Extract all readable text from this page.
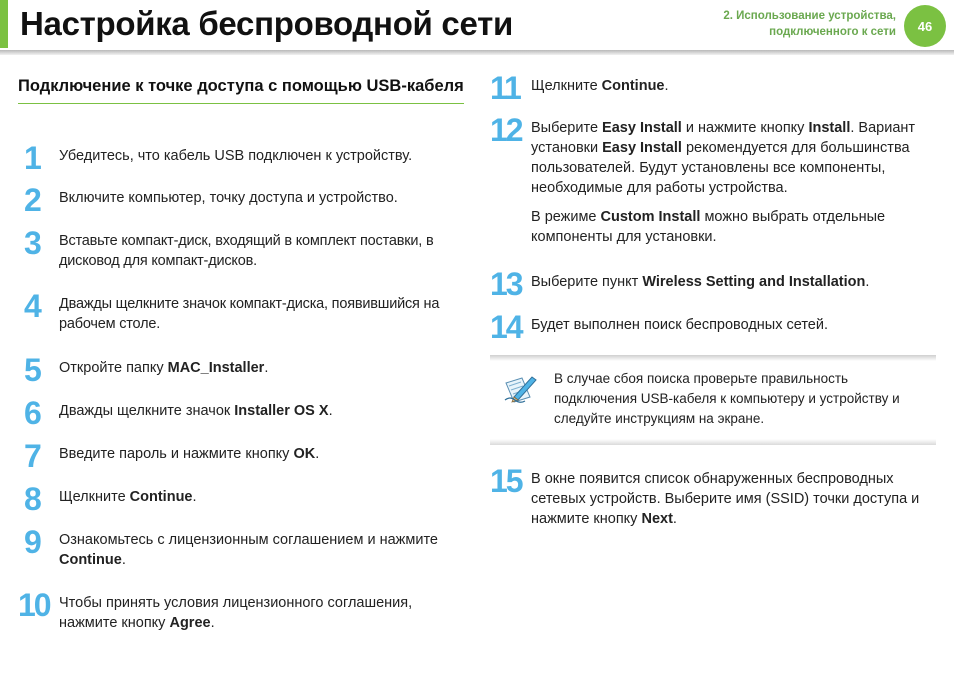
Настройка беспроводной сети	2. Использование устройства,
подключенного к сети	46
Подключение к точке доступа с помощью USB-кабеля
1 Убедитесь, что кабель USB подключен к устройству.
2 Включите компьютер, точку доступа и устройство.
3 Вставьте компакт-диск, входящий в комплект поставки, в дисковод для компакт-дисков.
4 Дважды щелкните значок компакт-диска, появившийся на рабочем столе.
5 Откройте папку MAC_Installer.
6 Дважды щелкните значок Installer OS X.
7 Введите пароль и нажмите кнопку OK.
8 Щелкните Continue.
9 Ознакомьтесь с лицензионным соглашением и нажмите Continue.
10 Чтобы принять условия лицензионного соглашения, нажмите кнопку Agree.
11 Щелкните Continue.
12 Выберите Easy Install и нажмите кнопку Install. Вариант установки Easy Install рекомендуется для большинства пользователей. Будут установлены все компоненты, необходимые для работы устройства.

В режиме Custom Install можно выбрать отдельные компоненты для установки.

13 Выберите пункт Wireless Setting and Installation.
14 Будет выполнен поиск беспроводных сетей.
В случае сбоя поиска проверьте правильность подключения USB-кабеля к компьютеру и устройству и следуйте инструкциям на экране.
15 В окне появится список обнаруженных беспроводных сетевых устройств. Выберите имя (SSID) точки доступа и нажмите кнопку Next.
